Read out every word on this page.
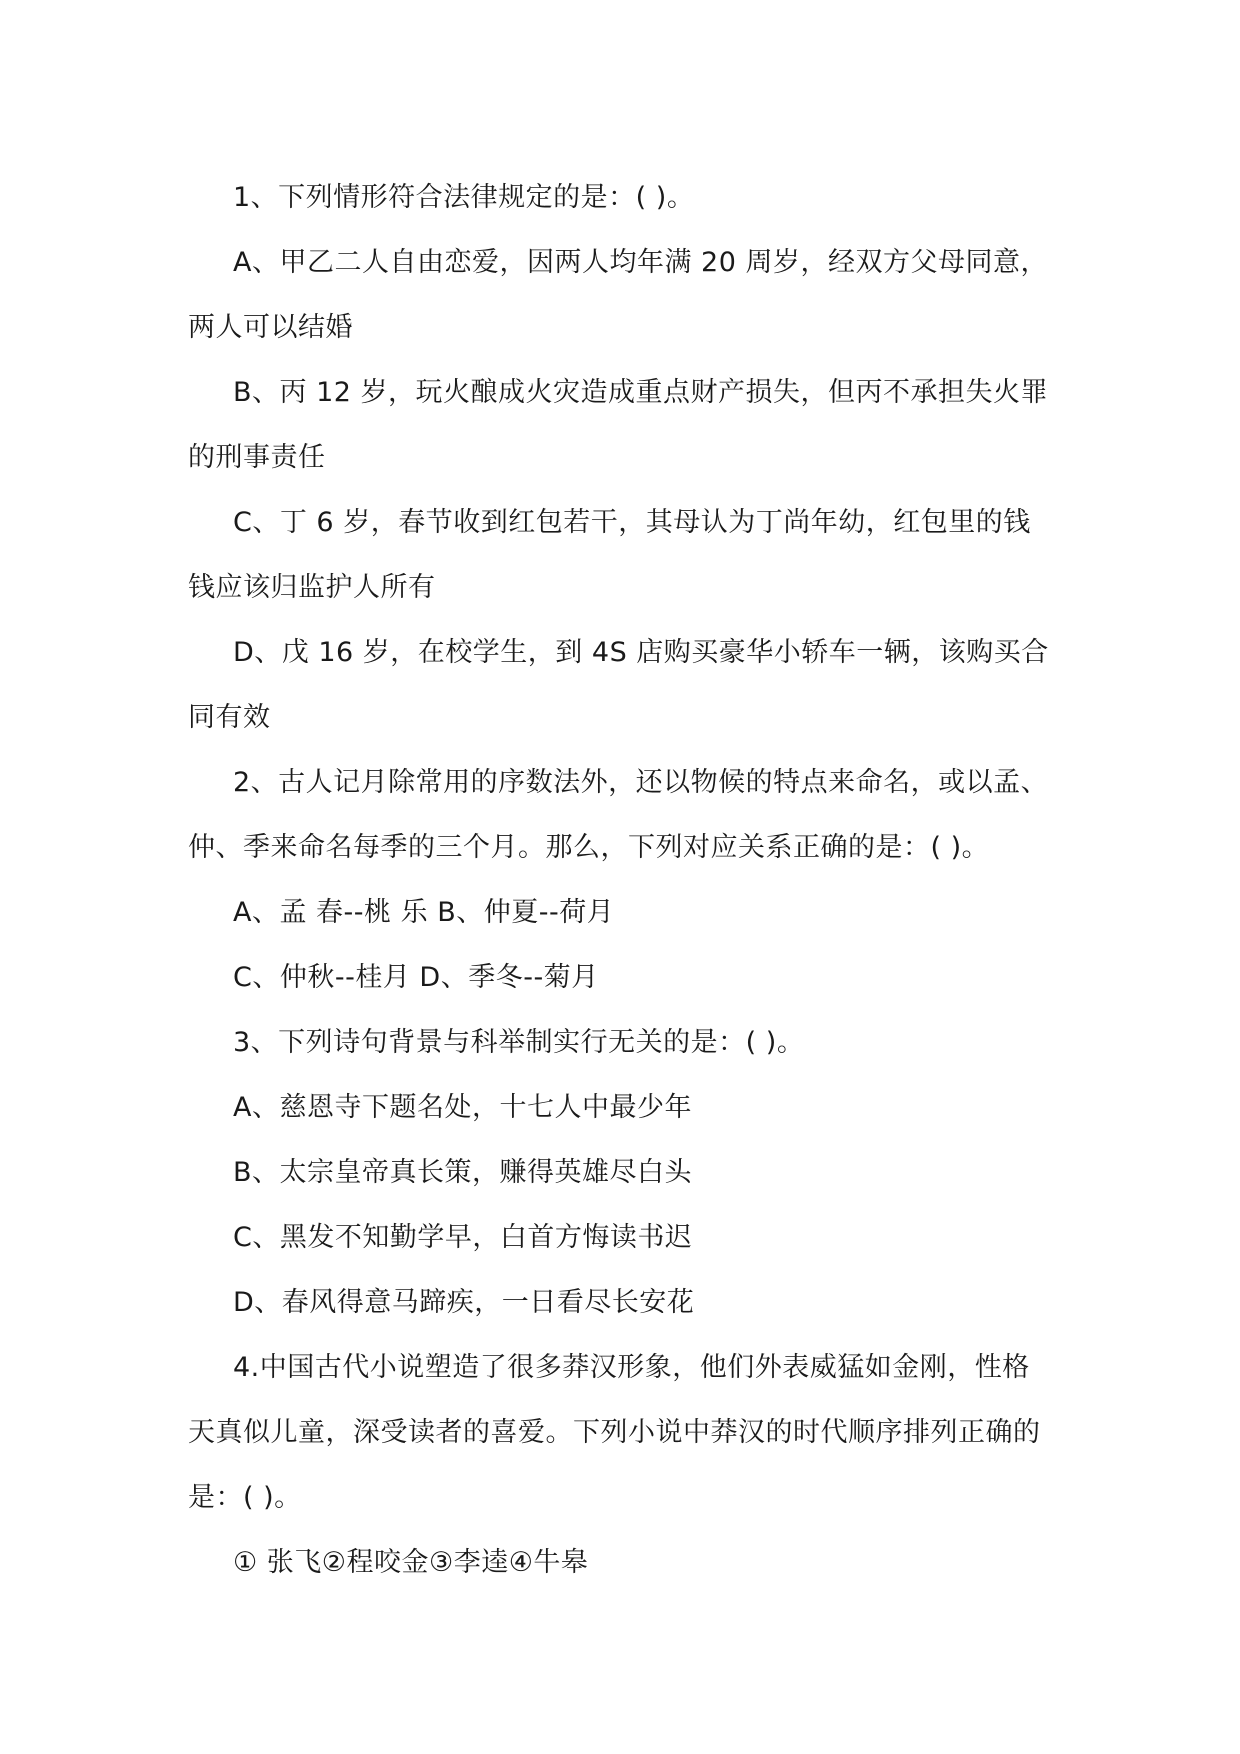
1、下列情形符合法律规定的是：( )。
A、甲乙二人自由恋爱，因两人均年满 20 周岁，经双方父母同意，
两人可以结婚
B、丙 12 岁，玩火酿成火灾造成重点财产损失，但丙不承担失火罪
的刑事责任
C、丁 6 岁，春节收到红包若干，其母认为丁尚年幼，红包里的钱
钱应该归监护人所有
D、戊 16 岁，在校学生，到 4S 店购买豪华小轿车一辆，该购买合
同有效
2、古人记月除常用的序数法外，还以物候的特点来命名，或以孟、
仲、季来命名每季的三个月。那么，下列对应关系正确的是：( )。
A、孟 春--桃 乐 B、仲夏--荷月
C、仲秋--桂月 D、季冬--菊月
3、下列诗句背景与科举制实行无关的是：( )。
A、慈恩寺下题名处，十七人中最少年
B、太宗皇帝真长策，赚得英雄尽白头
C、黑发不知勤学早，白首方悔读书迟
D、春风得意马蹄疾，一日看尽长安花
4.中国古代小说塑造了很多莽汉形象，他们外表威猛如金刚，性格
天真似儿童，深受读者的喜爱。下列小说中莽汉的时代顺序排列正确的
是：( )。
① 张飞②程咬金③李逵④牛皋
